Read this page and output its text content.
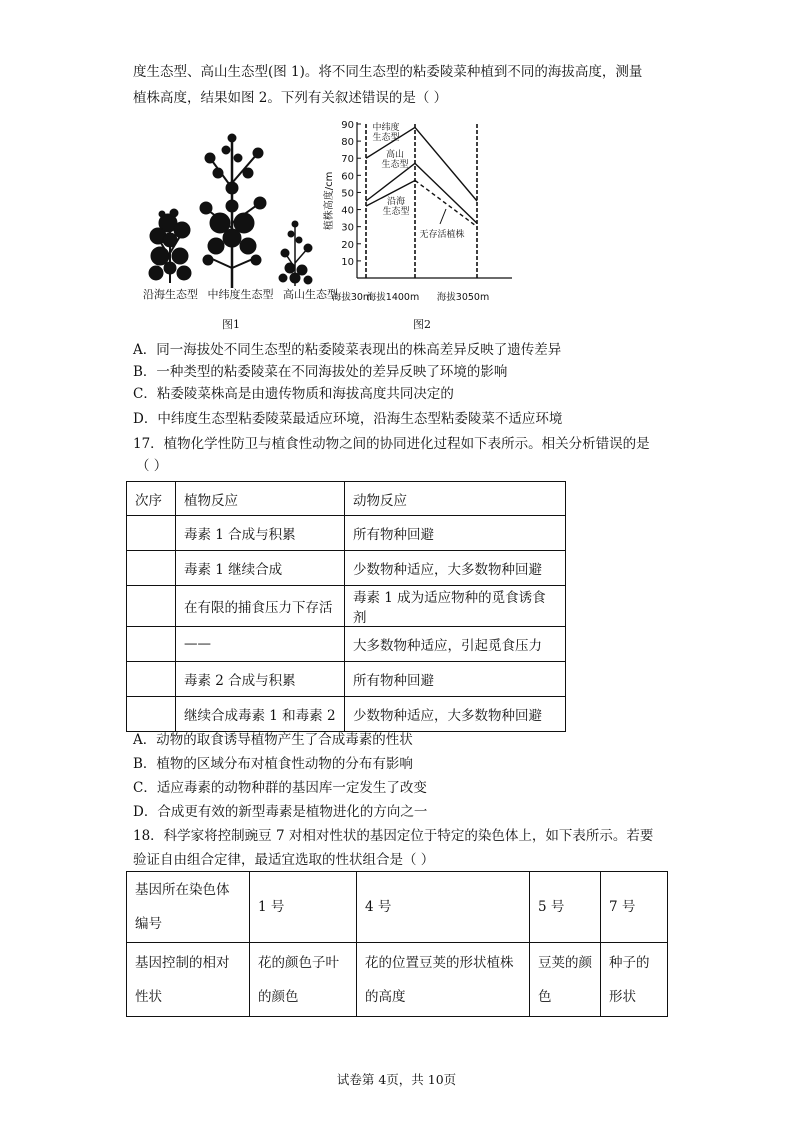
度生态型、高山生态型(图 1)。将不同生态型的粘委陵菜种植到不同的海拔高度，测量
植株高度，结果如图 2。下列有关叙述错误的是（ ）
沿海生态型 中纬度生态型 高山生态型
图1
10
20
30
40
50
60
70
80
90
植株高度/cm
海拔30m
海拔1400m 海拔3050m
中纬度生态型
高山生态型
沿海生态型
无存活植株
图2
A．同一海拔处不同生态型的粘委陵菜表现出的株高差异反映了遗传差异
B．一种类型的粘委陵菜在不同海拔处的差异反映了环境的影响
C．粘委陵菜株高是由遗传物质和海拔高度共同决定的
D．中纬度生态型粘委陵菜最适应环境，沿海生态型粘委陵菜不适应环境
17．植物化学性防卫与植食性动物之间的协同进化过程如下表所示。相关分析错误的是
（ ）
次序	植物反应	动物反应
	毒素 1 合成与积累	所有物种回避
	毒素 1 继续合成	少数物种适应，大多数物种回避
	在有限的捕食压力下存活	毒素 1 成为适应物种的觅食诱食剂
	——	大多数物种适应，引起觅食压力
	毒素 2 合成与积累	所有物种回避
	继续合成毒素 1 和毒素 2	少数物种适应，大多数物种回避
A．动物的取食诱导植物产生了合成毒素的性状
B．植物的区域分布对植食性动物的分布有影响
C．适应毒素的动物种群的基因库一定发生了改变
D．合成更有效的新型毒素是植物进化的方向之一
18．科学家将控制豌豆 7 对相对性状的基因定位于特定的染色体上，如下表所示。若要
验证自由组合定律，最适宜选取的性状组合是（ ）
基因所在染色体编号	1 号	4 号	5 号	7 号
基因控制的相对性状	花的颜色子叶的颜色	花的位置豆荚的形状植株的高度	豆荚的颜色	种子的形状
试卷第 4页，共 10页
